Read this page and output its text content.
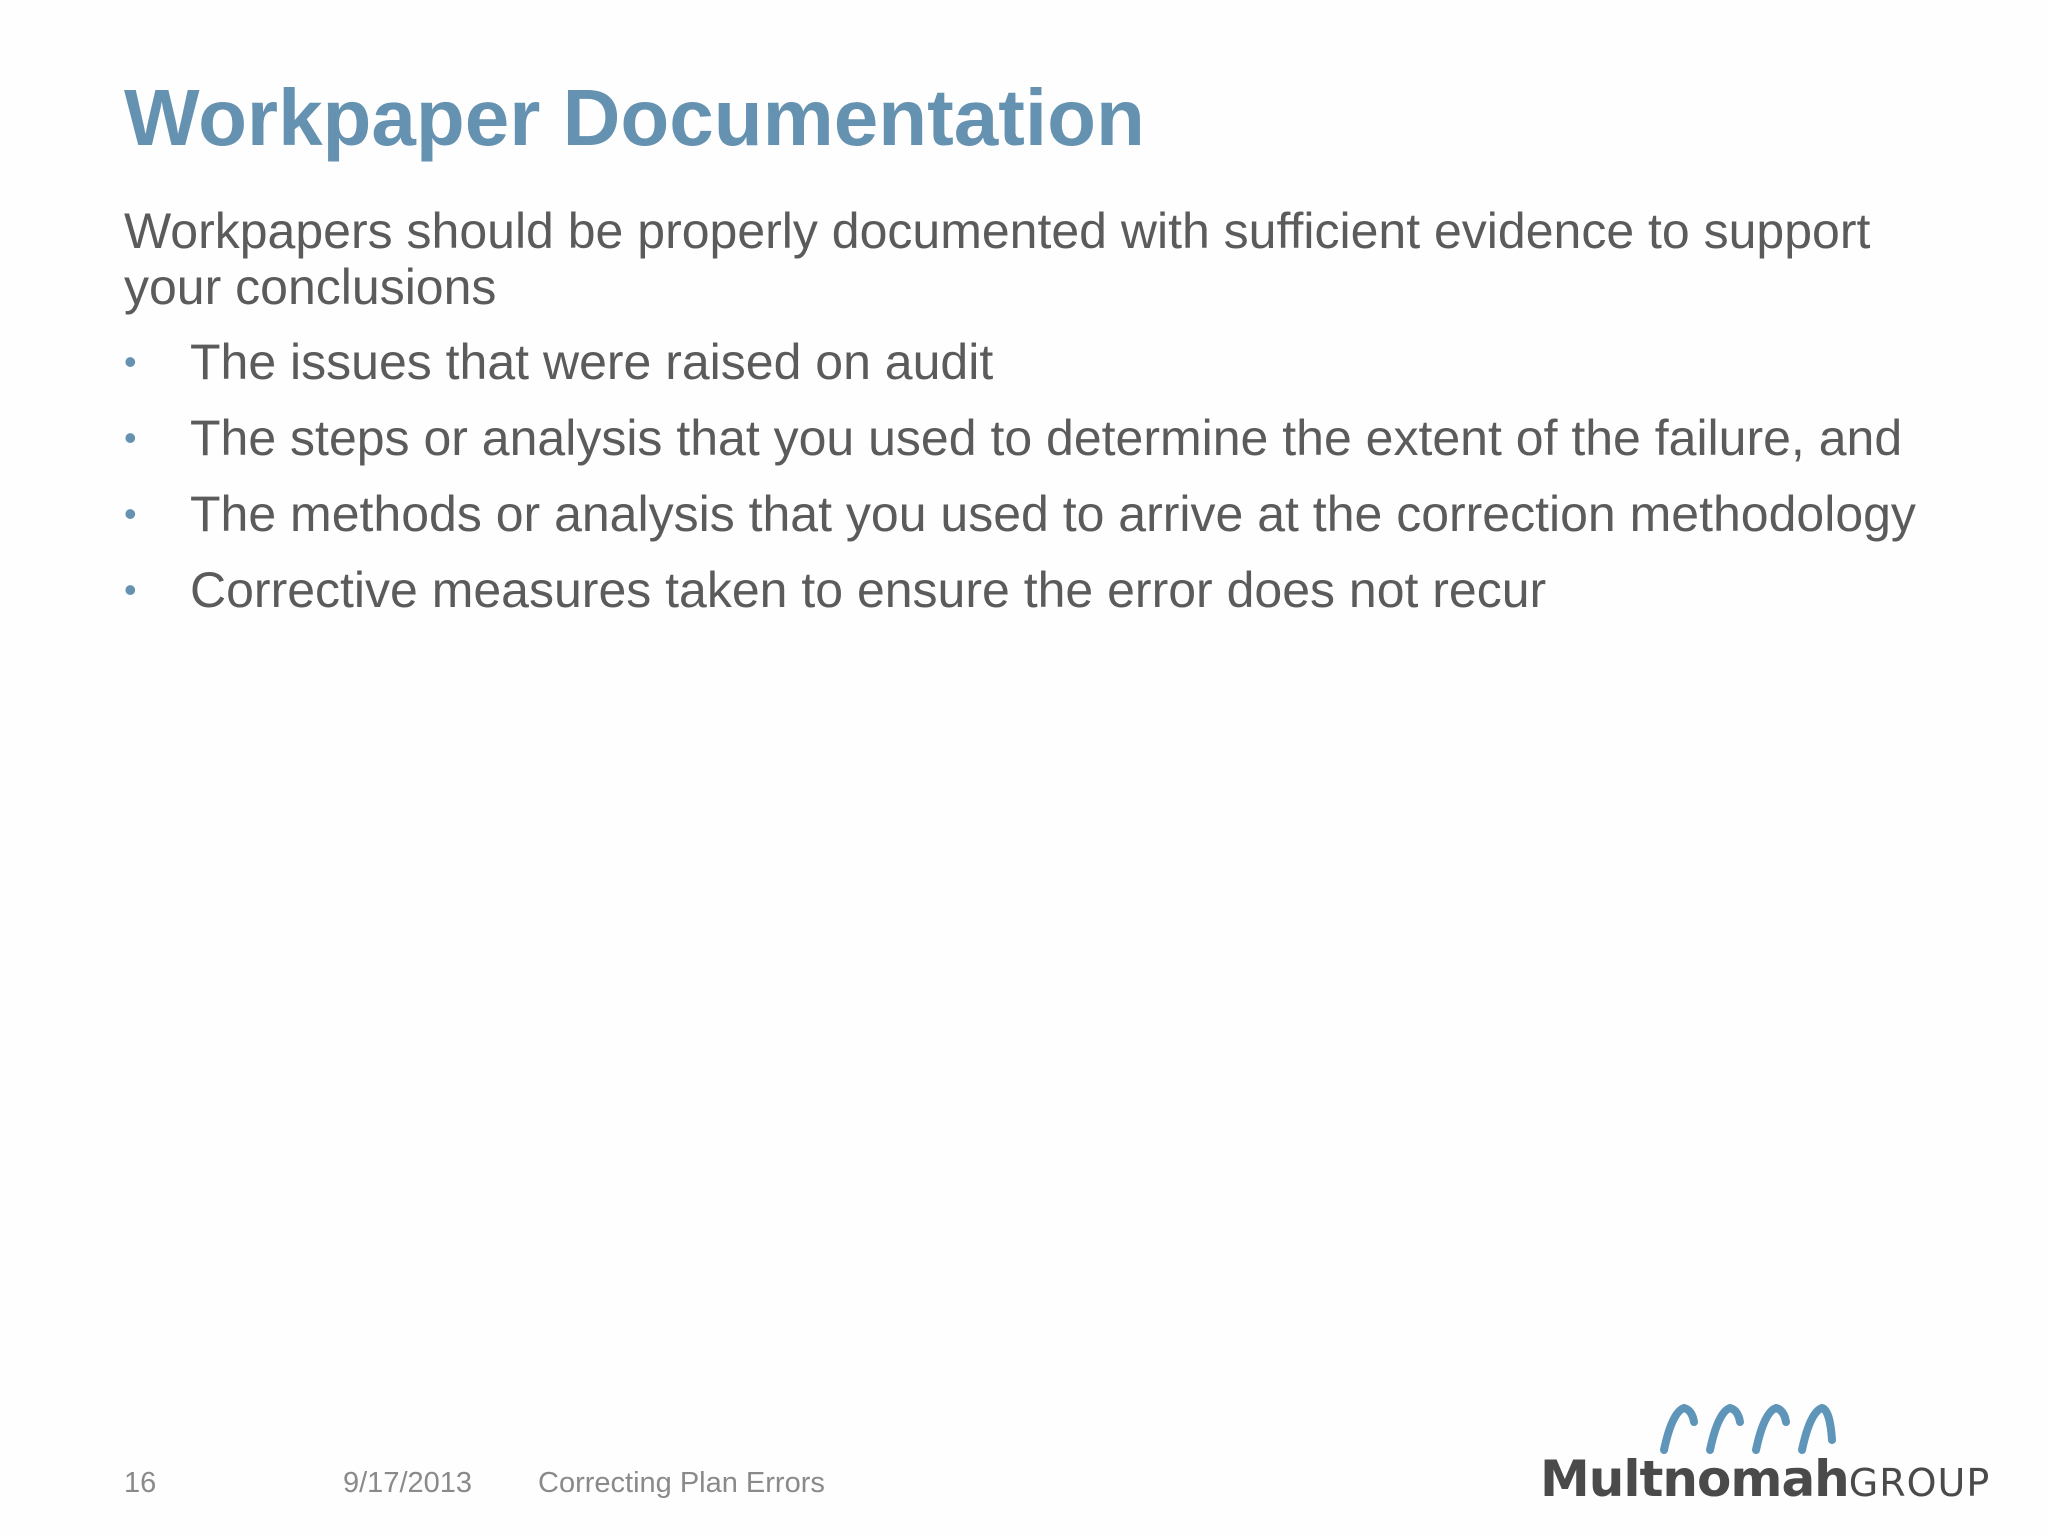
Workpaper Documentation

Workpapers should be properly documented with sufficient evidence to support your conclusions

• The issues that were raised on audit
• The steps or analysis that you used to determine the extent of the failure, and
• The methods or analysis that you used to arrive at the correction methodology
• Corrective measures taken to ensure the error does not recur
16	9/17/2013 Correcting Plan Errors	MultnomahGROUP
